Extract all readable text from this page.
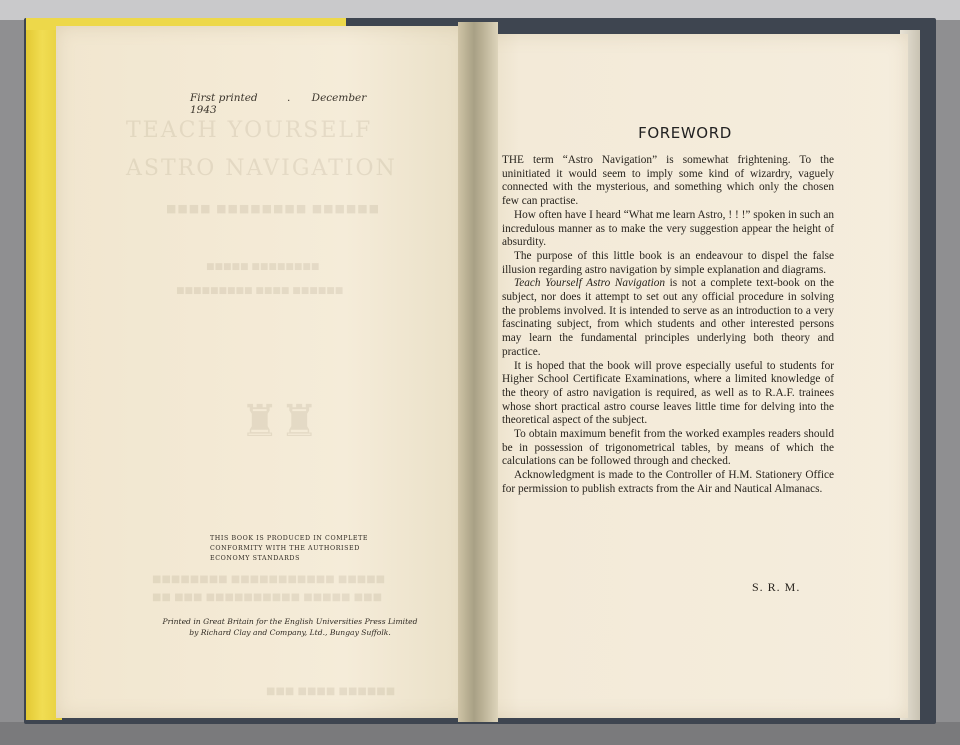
TEACH YOURSELF
ASTRO NAVIGATION
■■■■ ■■■■■■■■ ■■■■■■
■■■■■ ■■■■■■■■
■■■■■■■■■ ■■■■ ■■■■■■
♜♜
■■■■■■■■ ■■■■■■■■■■■ ■■■■■
■■ ■■■ ■■■■■■■■■■ ■■■■■ ■■■
■■■ ■■■■ ■■■■■■
First printed	. December 1943
THIS BOOK IS PRODUCED IN COMPLETE CONFORMITY WITH THE AUTHORISED ECONOMY STANDARDS
Printed in Great Britain for the English Universities Press Limited
by Richard Clay and Company, Ltd., Bungay Suffolk.
FOREWORD

THE term “Astro Navigation” is somewhat frightening. To the uninitiated it would seem to imply some kind of wizardry, vaguely connected with the mysterious, and something which only the chosen few can practise.

How often have I heard “What me learn Astro, ! ! !” spoken in such an incredulous manner as to make the very suggestion appear the height of absurdity.

The purpose of this little book is an endeavour to dispel the false illusion regarding astro navigation by simple explanation and diagrams.

Teach Yourself Astro Navigation is not a complete text-book on the subject, nor does it attempt to set out any official procedure in solving the problems involved. It is intended to serve as an introduction to a very fascinating subject, from which students and other interested persons may learn the fundamental principles underlying both theory and practice.

It is hoped that the book will prove especially useful to students for Higher School Certificate Examinations, where a limited knowledge of the theory of astro navigation is required, as well as to R.A.F. trainees whose short practical astro course leaves little time for delving into the theoretical aspect of the subject.

To obtain maximum benefit from the worked examples readers should be in possession of trigonometrical tables, by means of which the calculations can be followed through and checked.

Acknowledgment is made to the Controller of H.M. Stationery Office for permission to publish extracts from the Air and Nautical Almanacs.

S. R. M.
